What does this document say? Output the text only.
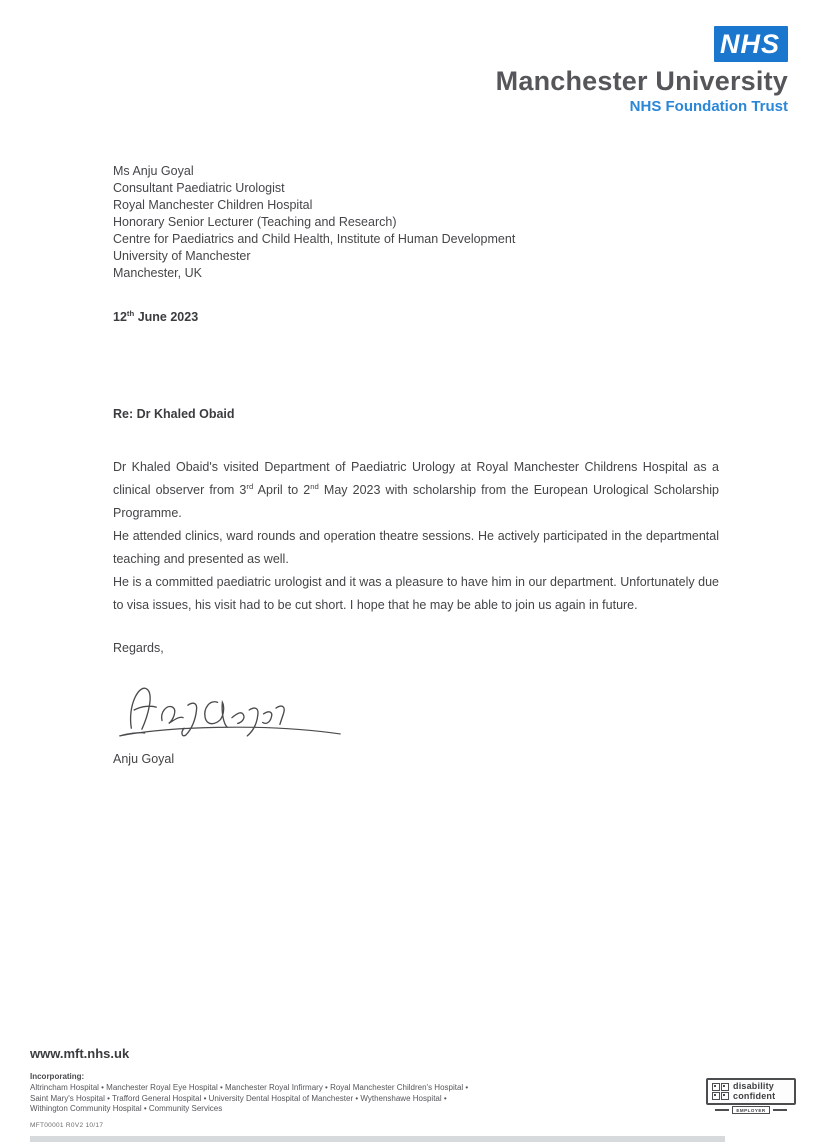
NHS
Manchester University
NHS Foundation Trust
Ms Anju Goyal
Consultant Paediatric Urologist
Royal Manchester Children Hospital
Honorary Senior Lecturer (Teaching and Research)
Centre for Paediatrics and Child Health, Institute of Human Development
University of Manchester
Manchester, UK
12th June 2023
Re: Dr Khaled Obaid

Dr Khaled Obaid's visited Department of Paediatric Urology at Royal Manchester Childrens Hospital as a clinical observer from 3rd April to 2nd May 2023 with scholarship from the European Urological Scholarship Programme.

He attended clinics, ward rounds and operation theatre sessions. He actively participated in the departmental teaching and presented as well.

He is a committed paediatric urologist and it was a pleasure to have him in our department. Unfortunately due to visa issues, his visit had to be cut short. I hope that he may be able to join us again in future.

Regards,
Anju Goyal
www.mft.nhs.uk
Incorporating:
Altrincham Hospital • Manchester Royal Eye Hospital • Manchester Royal Infirmary • Royal Manchester Children's Hospital •
Saint Mary's Hospital • Trafford General Hospital • University Dental Hospital of Manchester • Wythenshawe Hospital •
Withington Community Hospital • Community Services
MFT00001 R0V2 10/17
disability
confident
EMPLOYER
